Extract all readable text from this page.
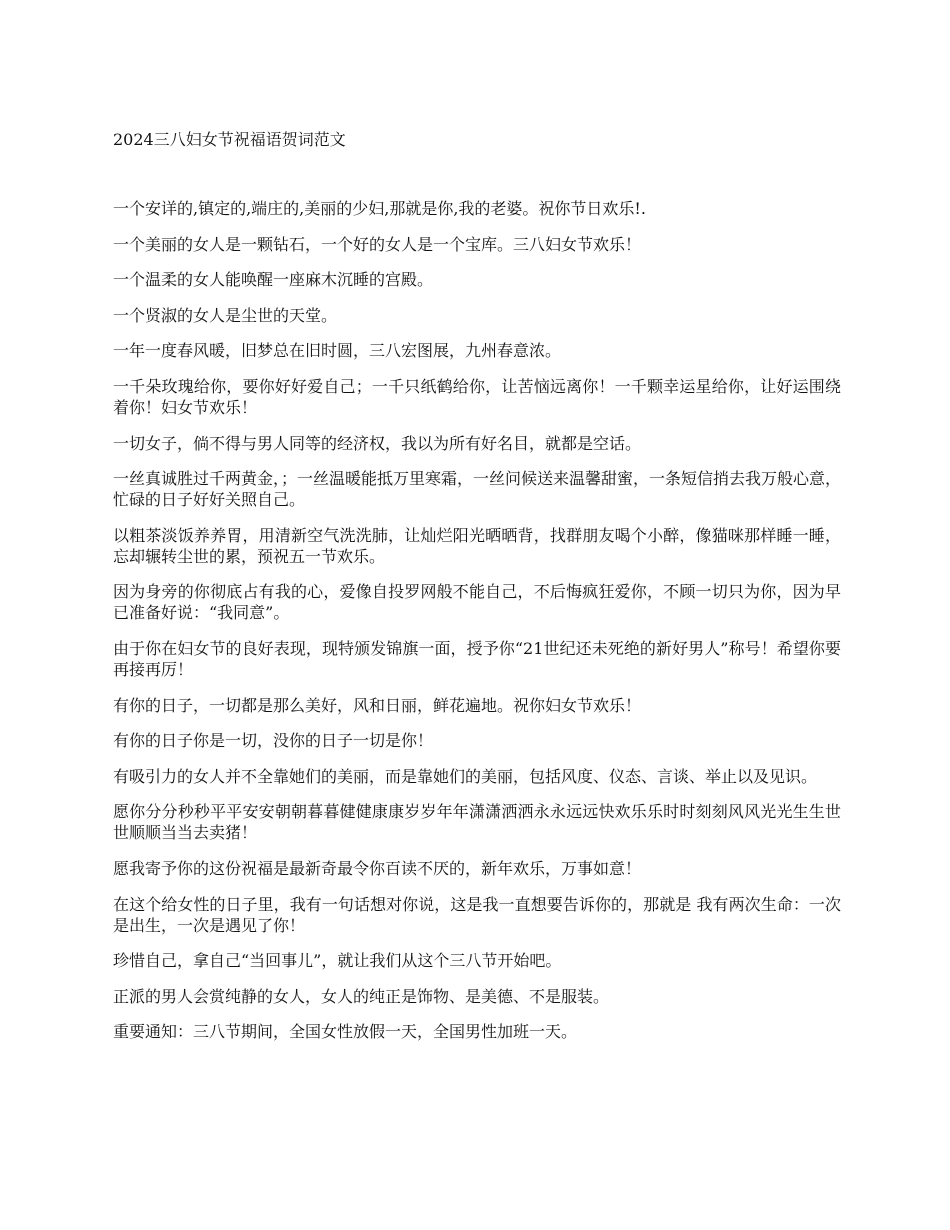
2024三八妇女节祝福语贺词范文

一个安详的,镇定的,端庄的,美丽的少妇,那就是你,我的老婆。祝你节日欢乐!.

一个美丽的女人是一颗钻石，一个好的女人是一个宝库。三八妇女节欢乐！

一个温柔的女人能唤醒一座麻木沉睡的宫殿。

一个贤淑的女人是尘世的天堂。

一年一度春风暖，旧梦总在旧时圆，三八宏图展，九州春意浓。

一千朵玫瑰给你，要你好好爱自己；一千只纸鹤给你，让苦恼远离你！一千颗幸运星给你，让好运围绕着你！妇女节欢乐！

一切女子，倘不得与男人同等的经济权，我以为所有好名目，就都是空话。

一丝真诚胜过千两黄金，；一丝温暖能抵万里寒霜，一丝问候送来温馨甜蜜，一条短信捎去我万般心意，忙碌的日子好好关照自己。

以粗茶淡饭养养胃，用清新空气洗洗肺，让灿烂阳光晒晒背，找群朋友喝个小醉，像猫咪那样睡一睡，忘却辗转尘世的累，预祝五一节欢乐。

因为身旁的你彻底占有我的心，爱像自投罗网般不能自己，不后悔疯狂爱你，不顾一切只为你，因为早已准备好说：“我同意”。

由于你在妇女节的良好表现，现特颁发锦旗一面，授予你“21世纪还未死绝的新好男人”称号！希望你要再接再厉！

有你的日子，一切都是那么美好，风和日丽，鲜花遍地。祝你妇女节欢乐！

有你的日子你是一切，没你的日子一切是你！

有吸引力的女人并不全靠她们的美丽，而是靠她们的美丽，包括风度、仪态、言谈、举止以及见识。

愿你分分秒秒平平安安朝朝暮暮健健康康岁岁年年潇潇洒洒永永远远快欢乐乐时时刻刻风风光光生生世世顺顺当当去卖猪！

愿我寄予你的这份祝福是最新奇最令你百读不厌的，新年欢乐，万事如意！

在这个给女性的日子里，我有一句话想对你说，这是我一直想要告诉你的，那就是 我有两次生命：一次是出生，一次是遇见了你！

珍惜自己，拿自己“当回事儿”，就让我们从这个三八节开始吧。

正派的男人会赏纯静的女人，女人的纯正是饰物、是美德、不是服装。

重要通知：三八节期间，全国女性放假一天，全国男性加班一天。
